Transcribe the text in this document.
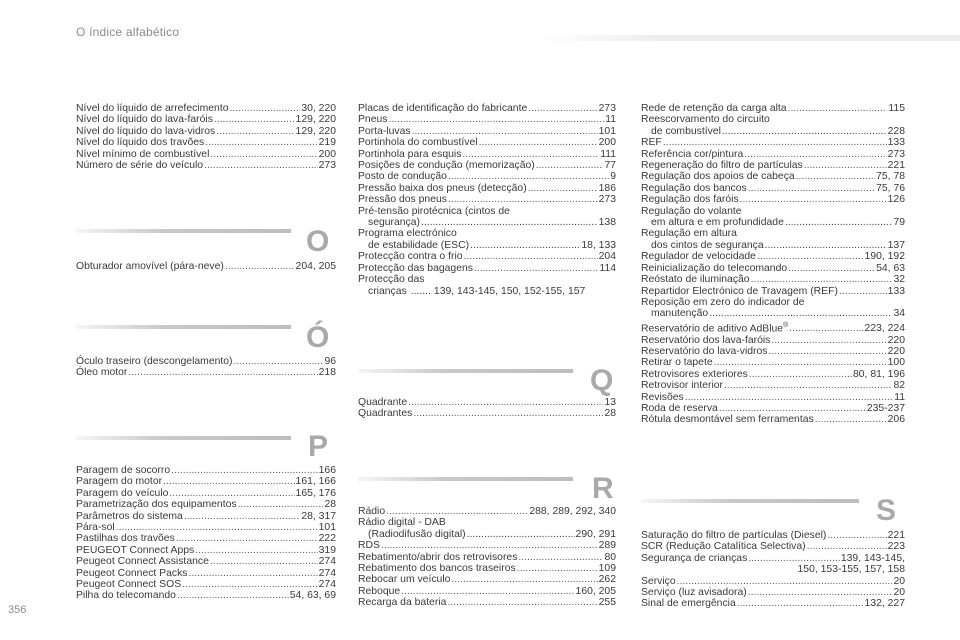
O índice alfabético
356
Nível do líquido de arrefecimento .....	30, 220
Nível do líquido do lava-faróis .....	129, 220
Nível do líquido do lava-vidros .....	129, 220
Nível do líquido dos travões .....	219
Nível mínimo de combustível .....	200
Número de série do veículo .....	273
O
Obturador amovível (pára-neve) .....	204, 205
Ó
Óculo traseiro (descongelamento) .....	96
Óleo motor .....	218
P
Paragem de socorro .....	166
Paragem do motor .....	161, 166
Paragem do veículo .....	165, 176
Parametrização dos equipamentos .....	28
Parâmetros do sistema .....	28, 317
Pára-sol .....	101
Pastilhas dos travões .....	222
PEUGEOT Connect Apps .....	319
Peugeot Connect Assistance .....	274
Peugeot Connect Packs .....	274
Peugeot Connect SOS .....	274
Pilha do telecomando .....	54, 63, 69
Placas de identificação do fabricante .....	273
Pneus .....	11
Porta-luvas .....	101
Portinhola do combustível .....	200
Portinhola para esquis .....	111
Posições de condução (memorização) .....	77
Posto de condução .....	9
Pressão baixa dos pneus (detecção) .....	186
Pressão dos pneus .....	273
Pré-tensão pirotécnica (cintos de
segurança) .....	138
Programa electrónico
de estabilidade (ESC) .....	18, 133
Protecção contra o frio .....	204
Protecção das bagagens .....	114
Protecção das
crianças ....... 139, 143-145, 150, 152-155, 157
Q
Quadrante .....	13
Quadrantes .....	28
R
Rádio .....	288, 289, 292, 340
Rádio digital - DAB
(Radiodifusão digital) .....	290, 291
RDS .....	289
Rebatimento/abrir dos retrovisores .....	80
Rebatimento dos bancos traseiros .....	109
Rebocar um veículo .....	262
Reboque .....	160, 205
Recarga da bateria .....	255
Rede de retenção da carga alta .....	115
Reescorvamento do circuito
de combustível .....	228
REF .....	133
Referência cor/pintura .....	273
Regeneração do filtro de partículas .....	221
Regulação dos apoios de cabeça .....	75, 78
Regulação dos bancos .....	75, 76
Regulação dos faróis .....	126
Regulação do volante
em altura e em profundidade .....	79
Regulação em altura
dos cintos de segurança .....	137
Regulador de velocidade .....	190, 192
Reinicialização do telecomando .....	54, 63
Reóstato de iluminação .....	32
Repartidor Electrónico de Travagem (REF) .....	133
Reposição em zero do indicador de
manutenção .....	34
Reservatório de aditivo AdBlue® .....	223, 224
Reservatório dos lava-faróis .....	220
Reservatório do lava-vidros .....	220
Retirar o tapete .....	100
Retrovisores exteriores .....	80, 81, 196
Retrovisor interior .....	82
Revisões .....	11
Roda de reserva .....	235-237
Rótula desmontável sem ferramentas .....	206
S
Saturação do filtro de partículas (Diesel) .....	221
SCR (Redução Catalítica Selectiva) .....	223
Segurança de crianças .....	139, 143-145,
150, 153-155, 157, 158
Serviço .....	20
Serviço (luz avisadora) .....	20
Sinal de emergência .....	132, 227
